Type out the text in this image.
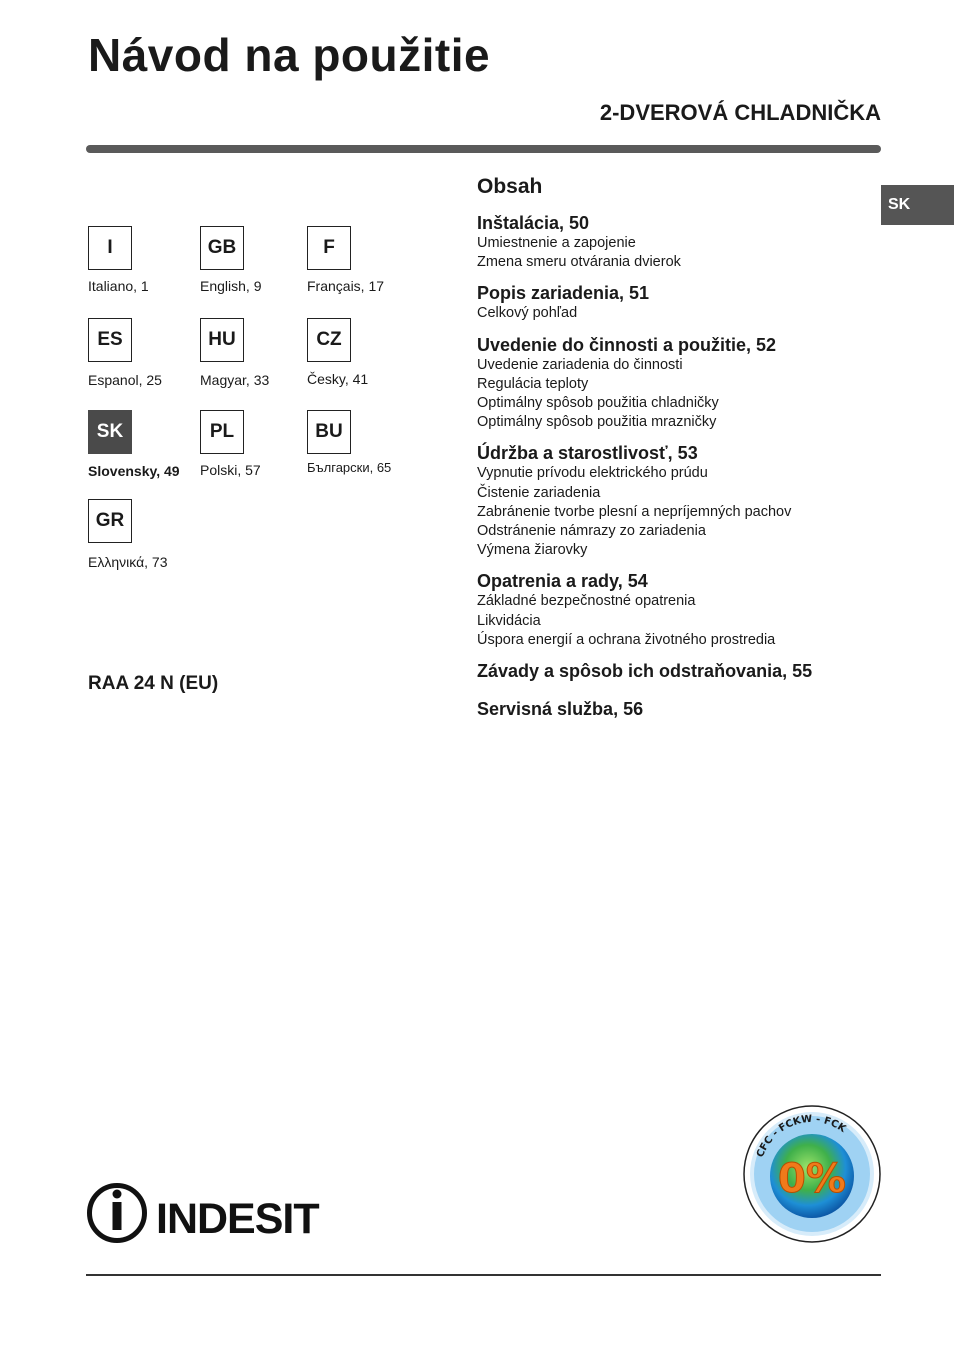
Návod na použitie
2-DVEROVÁ CHLADNIČKA
SK
I
Italiano, 1
GB
English, 9
F
Français, 17
ES
Espanol, 25
HU
Magyar, 33
CZ
Česky, 41
SK
Slovensky, 49
PL
Polski, 57
BU
Български, 65
GR
Ελληνικά, 73
RAA 24 N (EU)
Obsah
Inštalácia, 50
Umiestnenie a zapojenie
Zmena smeru otvárania dvierok
Popis zariadenia, 51
Celkový pohľad
Uvedenie do činnosti a použitie, 52
Uvedenie zariadenia do činnosti
Regulácia teploty
Optimálny spôsob použitia chladničky
Optimálny spôsob použitia mrazničky
Údržba a starostlivosť, 53
Vypnutie prívodu elektrického prúdu
Čistenie zariadenia
Zabránenie tvorbe plesní a nepríjemných pachov
Odstránenie námrazy zo zariadenia
Výmena žiarovky
Opatrenia a rady, 54
Základné bezpečnostné opatrenia
Likvidácia
Úspora energií a ochrana životného prostredia
Závady a spôsob ich odstraňovania, 55
Servisná služba, 56
INDESIT
CFC - FCKW - FCK
0%
